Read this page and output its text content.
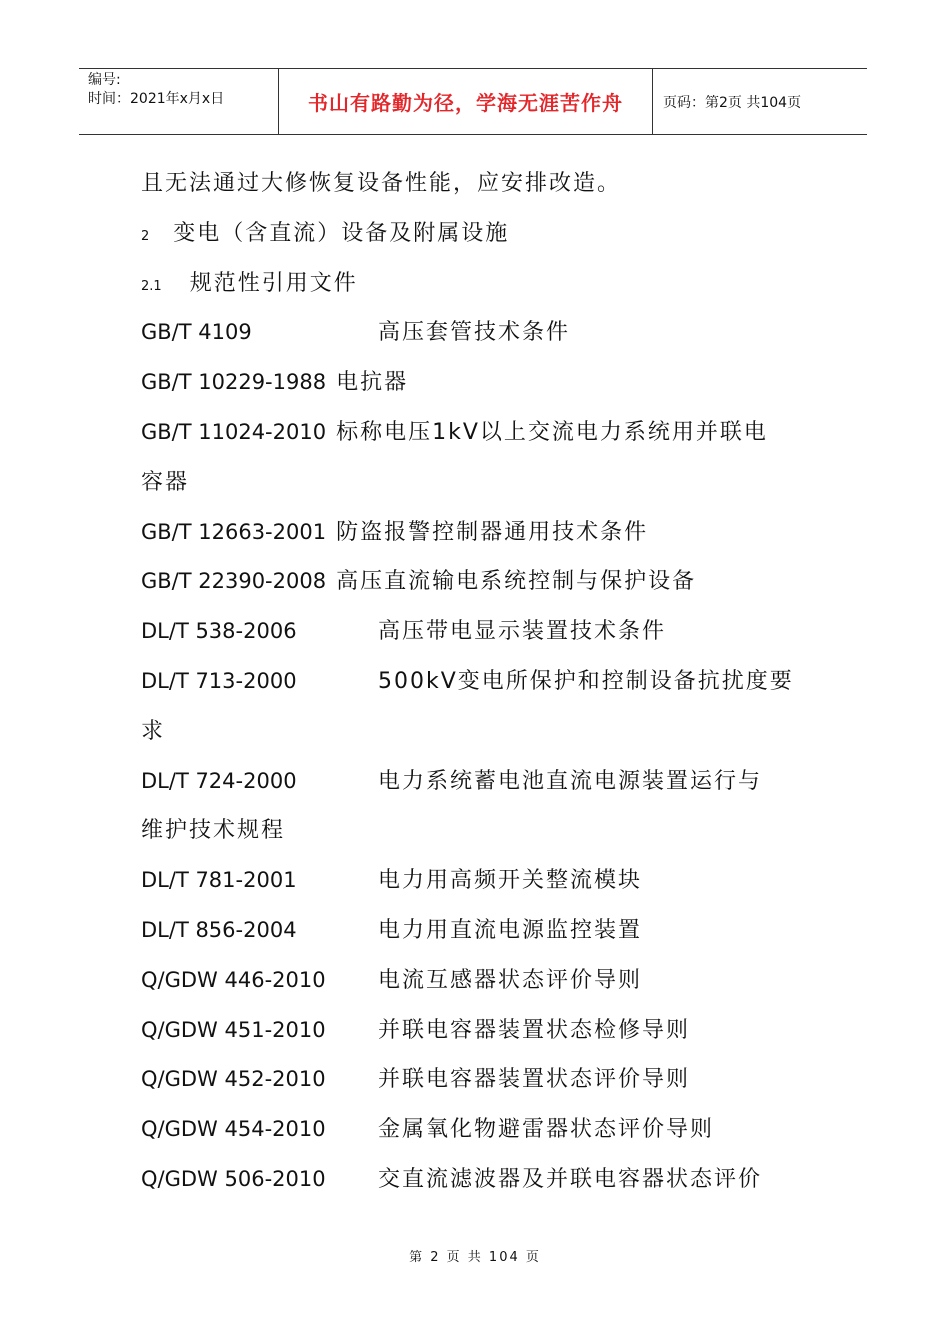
编号:
时间：2021年x月x日	书山有路勤为径，学海无涯苦作舟	页码：第2页 共104页
且无法通过大修恢复设备性能，应安排改造。
2 变电（含直流）设备及附属设施
2.1 规范性引用文件
GB/T 4109	高压套管技术条件
GB/T 10229-1988 电抗器
GB/T 11024-2010 标称电压1kV以上交流电力系统用并联电
容器
GB/T 12663-2001 防盗报警控制器通用技术条件
GB/T 22390-2008 高压直流输电系统控制与保护设备
DL/T 538-2006	高压带电显示装置技术条件
DL/T 713-2000	500kV变电所保护和控制设备抗扰度要
求
DL/T 724-2000	电力系统蓄电池直流电源装置运行与
维护技术规程
DL/T 781-2001	电力用高频开关整流模块
DL/T 856-2004	电力用直流电源监控装置
Q/GDW 446-2010 电流互感器状态评价导则
Q/GDW 451-2010 并联电容器装置状态检修导则
Q/GDW 452-2010 并联电容器装置状态评价导则
Q/GDW 454-2010 金属氧化物避雷器状态评价导则
Q/GDW 506-2010 交直流滤波器及并联电容器状态评价
第 2 页 共 104 页
